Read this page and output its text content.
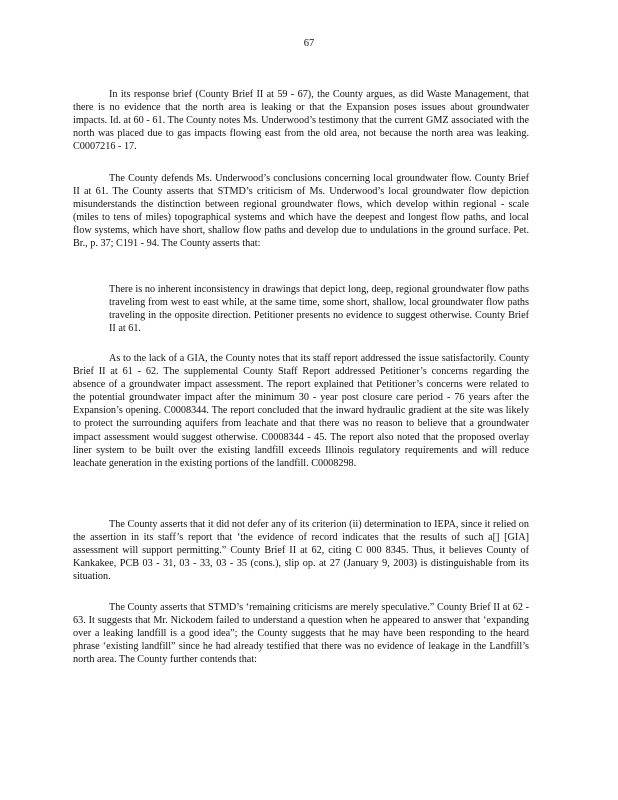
67

In its response brief (County Brief II at 59 - 67), the County argues, as did Waste Management, that there is no evidence that the north area is leaking or that the Expansion poses issues about groundwater impacts. Id. at 60 - 61. The County notes Ms. Underwood’s testimony that the current GMZ associated with the north was placed due to gas impacts flowing east from the old area, not because the north area was leaking. C0007216 - 17.

The County defends Ms. Underwood’s conclusions concerning local groundwater flow. County Brief II at 61. The County asserts that STMD’s criticism of Ms. Underwood’s local groundwater flow depiction misunderstands the distinction between regional groundwater flows, which develop within regional - scale (miles to tens of miles) topographical systems and which have the deepest and longest flow paths, and local flow systems, which have short, shallow flow paths and develop due to undulations in the ground surface. Pet. Br., p. 37; C191 - 94. The County asserts that:

There is no inherent inconsistency in drawings that depict long, deep, regional groundwater flow paths traveling from west to east while, at the same time, some short, shallow, local groundwater flow paths traveling in the opposite direction. Petitioner presents no evidence to suggest otherwise. County Brief II at 61.

As to the lack of a GIA, the County notes that its staff report addressed the issue satisfactorily. County Brief II at 61 - 62. The supplemental County Staff Report addressed Petitioner’s concerns regarding the absence of a groundwater impact assessment. The report explained that Petitioner’s concerns were related to the potential groundwater impact after the minimum 30 - year post closure care period - 76 years after the Expansion’s opening. C0008344. The report concluded that the inward hydraulic gradient at the site was likely to protect the surrounding aquifers from leachate and that there was no reason to believe that a groundwater impact assessment would suggest otherwise. C0008344 - 45. The report also noted that the proposed overlay liner system to be built over the existing landfill exceeds Illinois regulatory requirements and will reduce leachate generation in the existing portions of the landfill. C0008298.

The County asserts that it did not defer any of its criterion (ii) determination to IEPA, since it relied on the assertion in its staff’s report that ‘the evidence of record indicates that the results of such a[] [GIA] assessment will support permitting.” County Brief II at 62, citing C 000 8345. Thus, it believes County of Kankakee, PCB 03 - 31, 03 - 33, 03 - 35 (cons.), slip op. at 27 (January 9, 2003) is distinguishable from its situation.

The County asserts that STMD’s ‘remaining criticisms are merely speculative.” County Brief II at 62 - 63. It suggests that Mr. Nickodem failed to understand a question when he appeared to answer that ‘expanding over a leaking landfill is a good idea”; the County suggests that he may have been responding to the heard phrase ‘existing landfill” since he had already testified that there was no evidence of leakage in the Landfill’s north area. The County further contends that:
